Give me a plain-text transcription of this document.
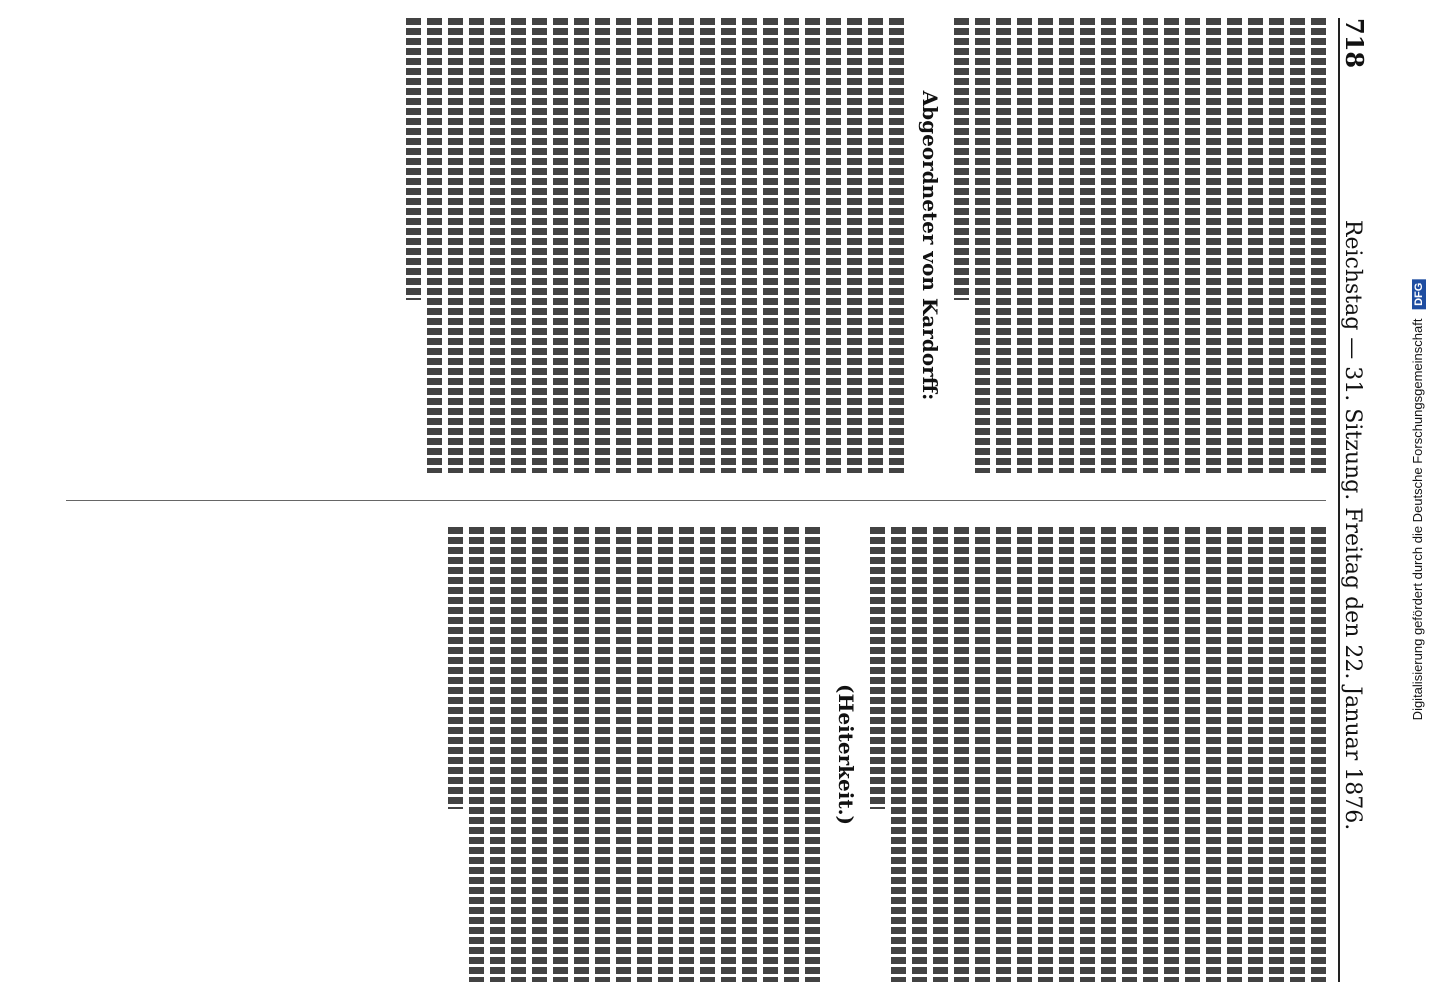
718
Reichstag — 31. Sitzung. Freitag den 22. Januar 1876.
Abgeordneter von Kardorff:
(Heiterkeit.)
Digitalisierung gefördert durch die Deutsche Forschungsgemeinschaft DFG
